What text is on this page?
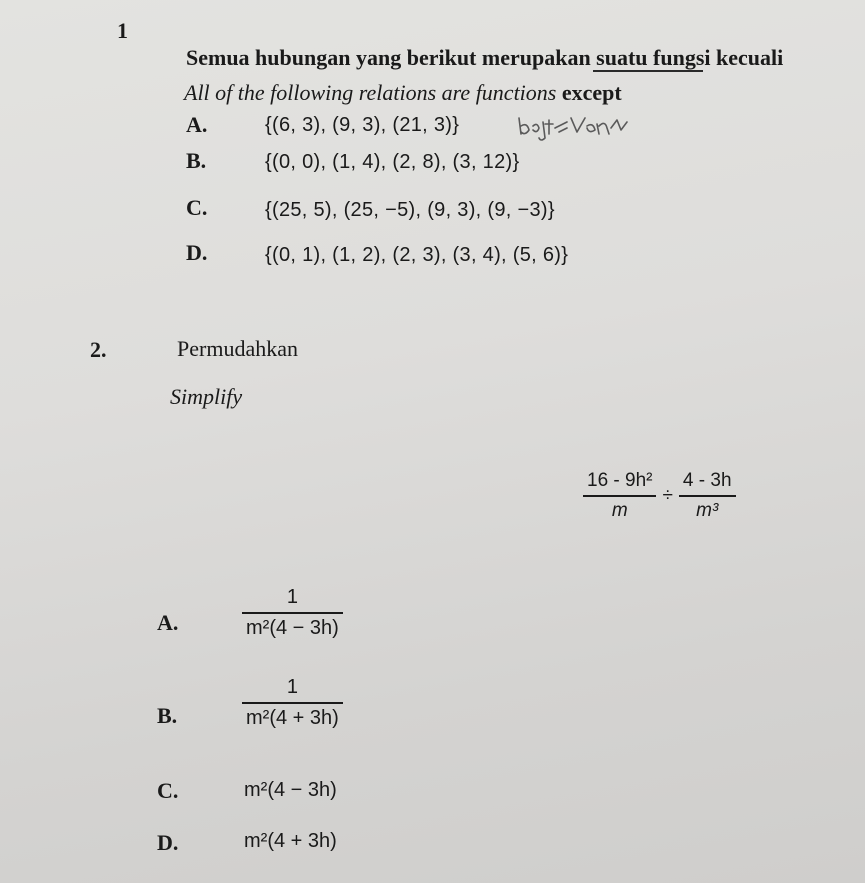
1
Semua hubungan yang berikut merupakan suatu fungsi kecuali
All of the following relations are functions except
A.	{(6, 3), (9, 3), (21, 3)}
B.	{(0, 0), (1, 4), (2, 8), (3, 12)}
C.	{(25, 5), (25, −5), (9, 3), (9, −3)}
D.	{(0, 1), (1, 2), (2, 3), (3, 4), (5, 6)}
2.	Permudahkan
Simplify
$\frac{\text{16 - 9h²}}{m} \div \frac{4 - 3h}{\text{m³}}$
A.	$\frac{1}{\text{m²(4 − 3h)}}$
B.	$\frac{1}{\text{m²(4 + 3h)}}$
C.	m²(4 − 3h)
D.	m²(4 + 3h)
